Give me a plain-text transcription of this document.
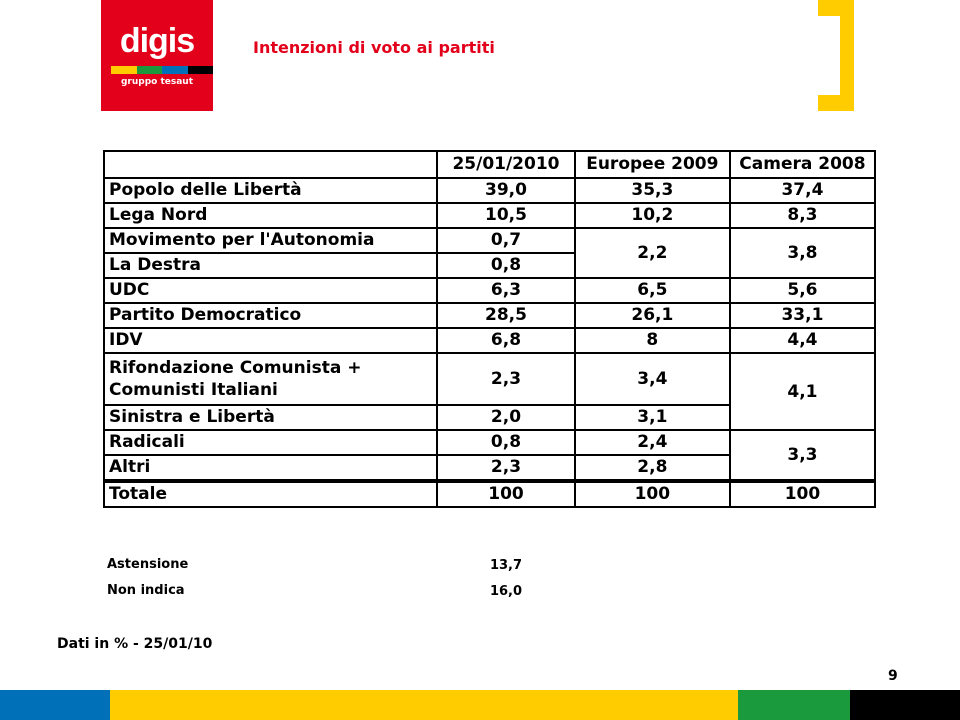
digis
gruppo tesaut
Intenzioni di voto ai partiti
	25/01/2010	Europee 2009	Camera 2008
Popolo delle Libertà	39,0	35,3	37,4
Lega Nord	10,5	10,2	8,3
Movimento per l'Autonomia	0,7	2,2	3,8
La Destra	0,8		
UDC	6,3	6,5	5,6
Partito Democratico	28,5	26,1	33,1
IDV	6,8	8	4,4

Rifondazione Comunista +
Comunisti Italiani	2,3	3,4	4,1
Sinistra e Libertà	2,0	3,1	
Radicali	0,8	2,4	3,3
Altri	2,3	2,8	
Totale	100	100	100
Astensione	13,7
Non indica	16,0
Dati in % - 25/01/10
9
